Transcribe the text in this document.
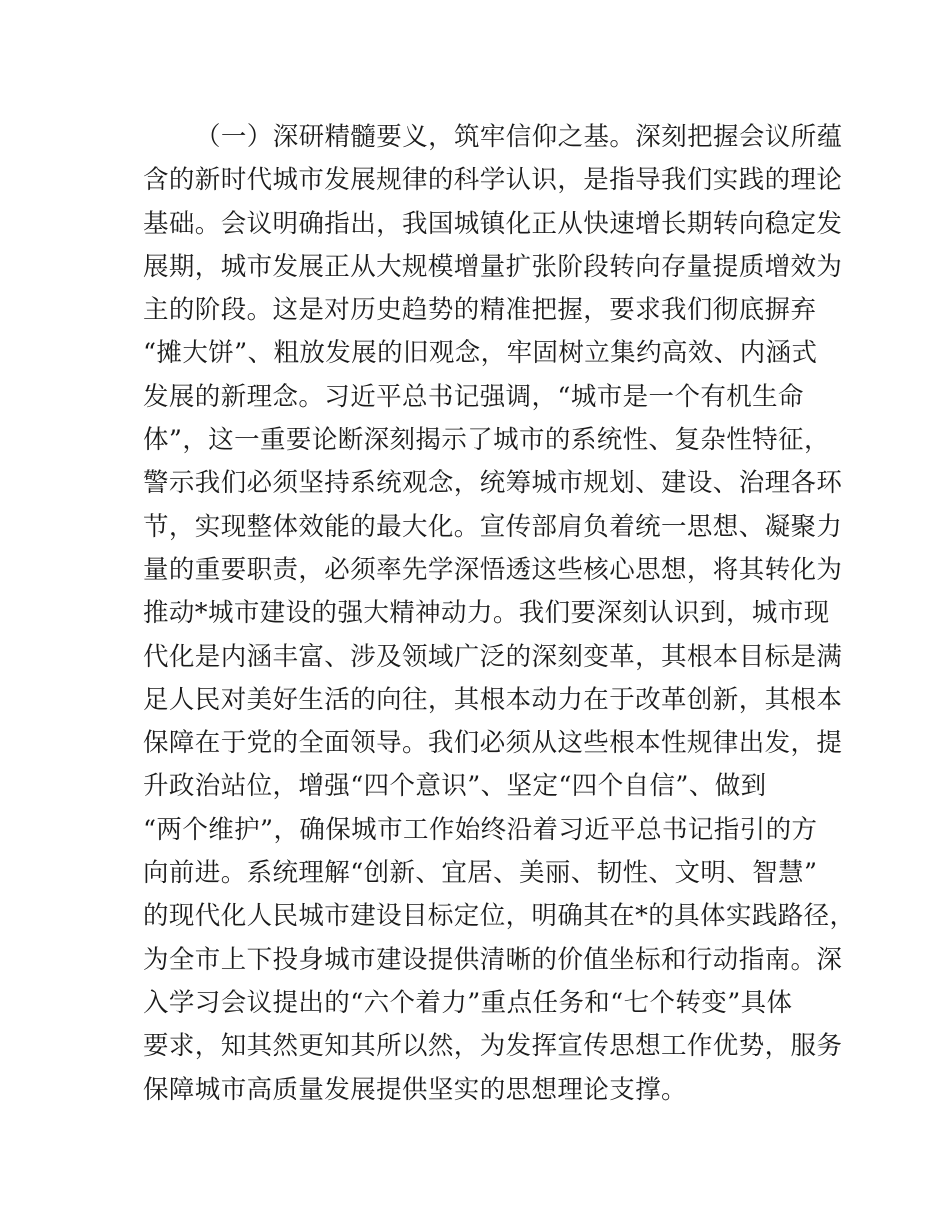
（一）深研精髓要义，筑牢信仰之基。深刻把握会议所蕴
含的新时代城市发展规律的科学认识，是指导我们实践的理论
基础。会议明确指出，我国城镇化正从快速增长期转向稳定发
展期，城市发展正从大规模增量扩张阶段转向存量提质增效为
主的阶段。这是对历史趋势的精准把握，要求我们彻底摒弃
“摊大饼”、粗放发展的旧观念，牢固树立集约高效、内涵式
发展的新理念。习近平总书记强调，“城市是一个有机生命
体”，这一重要论断深刻揭示了城市的系统性、复杂性特征，
警示我们必须坚持系统观念，统筹城市规划、建设、治理各环
节，实现整体效能的最大化。宣传部肩负着统一思想、凝聚力
量的重要职责，必须率先学深悟透这些核心思想，将其转化为
推动*城市建设的强大精神动力。我们要深刻认识到，城市现
代化是内涵丰富、涉及领域广泛的深刻变革，其根本目标是满
足人民对美好生活的向往，其根本动力在于改革创新，其根本
保障在于党的全面领导。我们必须从这些根本性规律出发，提
升政治站位，增强“四个意识”、坚定“四个自信”、做到
“两个维护”，确保城市工作始终沿着习近平总书记指引的方
向前进。系统理解“创新、宜居、美丽、韧性、文明、智慧”
的现代化人民城市建设目标定位，明确其在*的具体实践路径，
为全市上下投身城市建设提供清晰的价值坐标和行动指南。深
入学习会议提出的“六个着力”重点任务和“七个转变”具体
要求，知其然更知其所以然，为发挥宣传思想工作优势，服务
保障城市高质量发展提供坚实的思想理论支撑。
